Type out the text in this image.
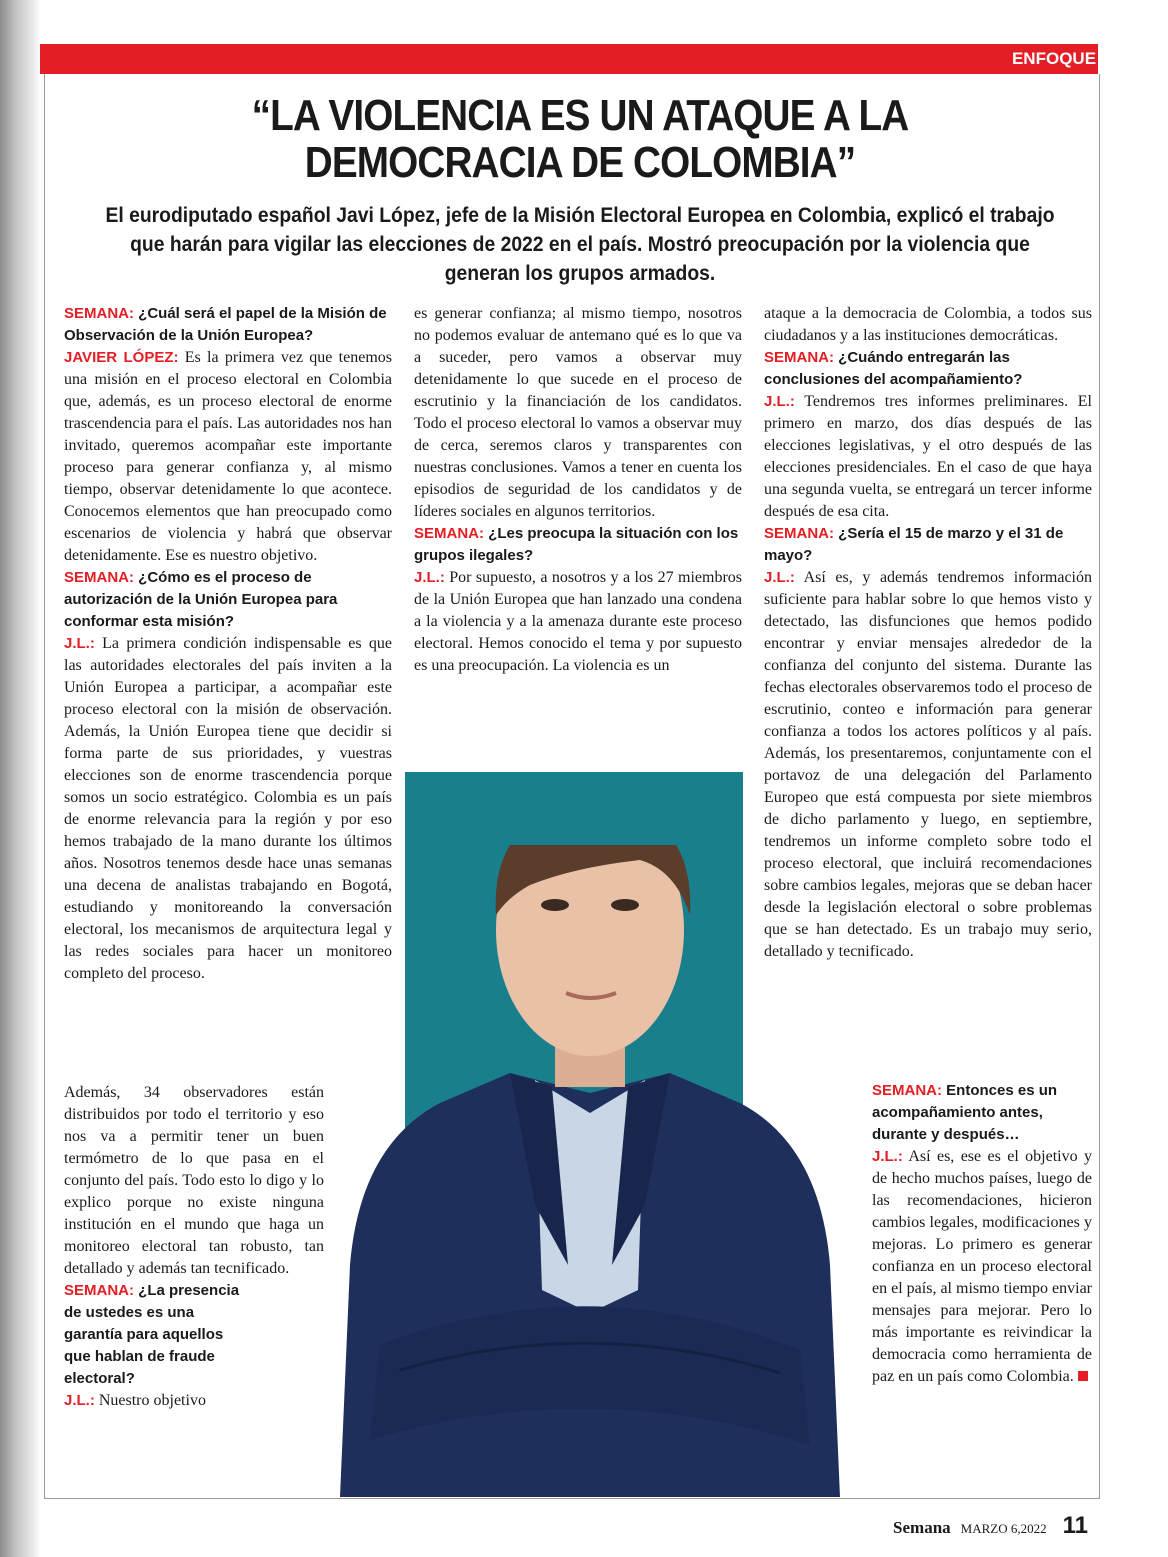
ENFOQUE
“LA VIOLENCIA ES UN ATAQUE A LA DEMOCRACIA DE COLOMBIA”

El eurodiputado español Javi López, jefe de la Misión Electoral Europea en Colombia, explicó el trabajo que harán para vigilar las elecciones de 2022 en el país. Mostró preocupación por la violencia que generan los grupos armados.

SEMANA: ¿Cuál será el papel de la Misión de Observación de la Unión Europea?

JAVIER LÓPEZ: Es la primera vez que tenemos una misión en el proceso electoral en Colombia que, además, es un proceso electoral de enorme trascendencia para el país. Las autoridades nos han invitado, queremos acompañar este importante proceso para generar confianza y, al mismo tiempo, observar detenidamente lo que acontece. Conocemos elementos que han preocupado como escenarios de violencia y habrá que observar detenidamente. Ese es nuestro objetivo.

SEMANA: ¿Cómo es el proceso de autorización de la Unión Europea para conformar esta misión?

J.L.: La primera condición indispensable es que las autoridades electorales del país inviten a la Unión Europea a participar, a acompañar este proceso electoral con la misión de observación. Además, la Unión Europea tiene que decidir si forma parte de sus prioridades, y vuestras elecciones son de enorme trascendencia porque somos un socio estratégico. Colombia es un país de enorme relevancia para la región y por eso hemos trabajado de la mano durante los últimos años. Nosotros tenemos desde hace unas semanas una decena de analistas trabajando en Bogotá, estudiando y monitoreando la conversación electoral, los mecanismos de arquitectura legal y las redes sociales para hacer un monitoreo completo del proceso.

Además, 34 observadores están distribuidos por todo el territorio y eso nos va a permitir tener un buen termómetro de lo que pasa en el conjunto del país. Todo esto lo digo y lo explico porque no existe ninguna institución en el mundo que haga un monitoreo electoral tan robusto, tan detallado y además tan tecnificado.

SEMANA: ¿La presencia de ustedes es una garantía para aquellos que hablan de fraude electoral?

J.L.: Nuestro objetivo

es generar confianza; al mismo tiempo, nosotros no podemos evaluar de antemano qué es lo que va a suceder, pero vamos a observar muy detenidamente lo que sucede en el proceso de escrutinio y la financiación de los candidatos. Todo el proceso electoral lo vamos a observar muy de cerca, seremos claros y transparentes con nuestras conclusiones. Vamos a tener en cuenta los episodios de seguridad de los candidatos y de líderes sociales en algunos territorios.

SEMANA: ¿Les preocupa la situación con los grupos ilegales?

J.L.: Por supuesto, a nosotros y a los 27 miembros de la Unión Europea que han lanzado una condena a la violencia y a la amenaza durante este proceso electoral. Hemos conocido el tema y por supuesto es una preocupación. La violencia es un

ataque a la democracia de Colombia, a todos sus ciudadanos y a las instituciones democráticas.

SEMANA: ¿Cuándo entregarán las conclusiones del acompañamiento?

J.L.: Tendremos tres informes preliminares. El primero en marzo, dos días después de las elecciones legislativas, y el otro después de las elecciones presidenciales. En el caso de que haya una segunda vuelta, se entregará un tercer informe después de esa cita.

SEMANA: ¿Sería el 15 de marzo y el 31 de mayo?

J.L.: Así es, y además tendremos información suficiente para hablar sobre lo que hemos visto y detectado, las disfunciones que hemos podido encontrar y enviar mensajes alrededor de la confianza del conjunto del sistema. Durante las fechas electorales observaremos todo el proceso de escrutinio, conteo e información para generar confianza a todos los actores políticos y al país. Además, los presentaremos, conjuntamente con el portavoz de una delegación del Parlamento Europeo que está compuesta por siete miembros de dicho parlamento y luego, en septiembre, tendremos un informe completo sobre todo el proceso electoral, que incluirá recomendaciones sobre cambios legales, mejoras que se deban hacer desde la legislación electoral o sobre problemas que se han detectado. Es un trabajo muy serio, detallado y tecnificado.

SEMANA: Entonces es un acompañamiento antes, durante y después…

J.L.: Así es, ese es el objetivo y de hecho muchos países, luego de las recomendaciones, hicieron cambios legales, modificaciones y mejoras. Lo primero es generar confianza en un proceso electoral en el país, al mismo tiempo enviar mensajes para mejorar. Pero lo más importante es reivindicar la democracia como herramienta de paz en un país como Colombia.

Semana MARZO 6,2022 11
